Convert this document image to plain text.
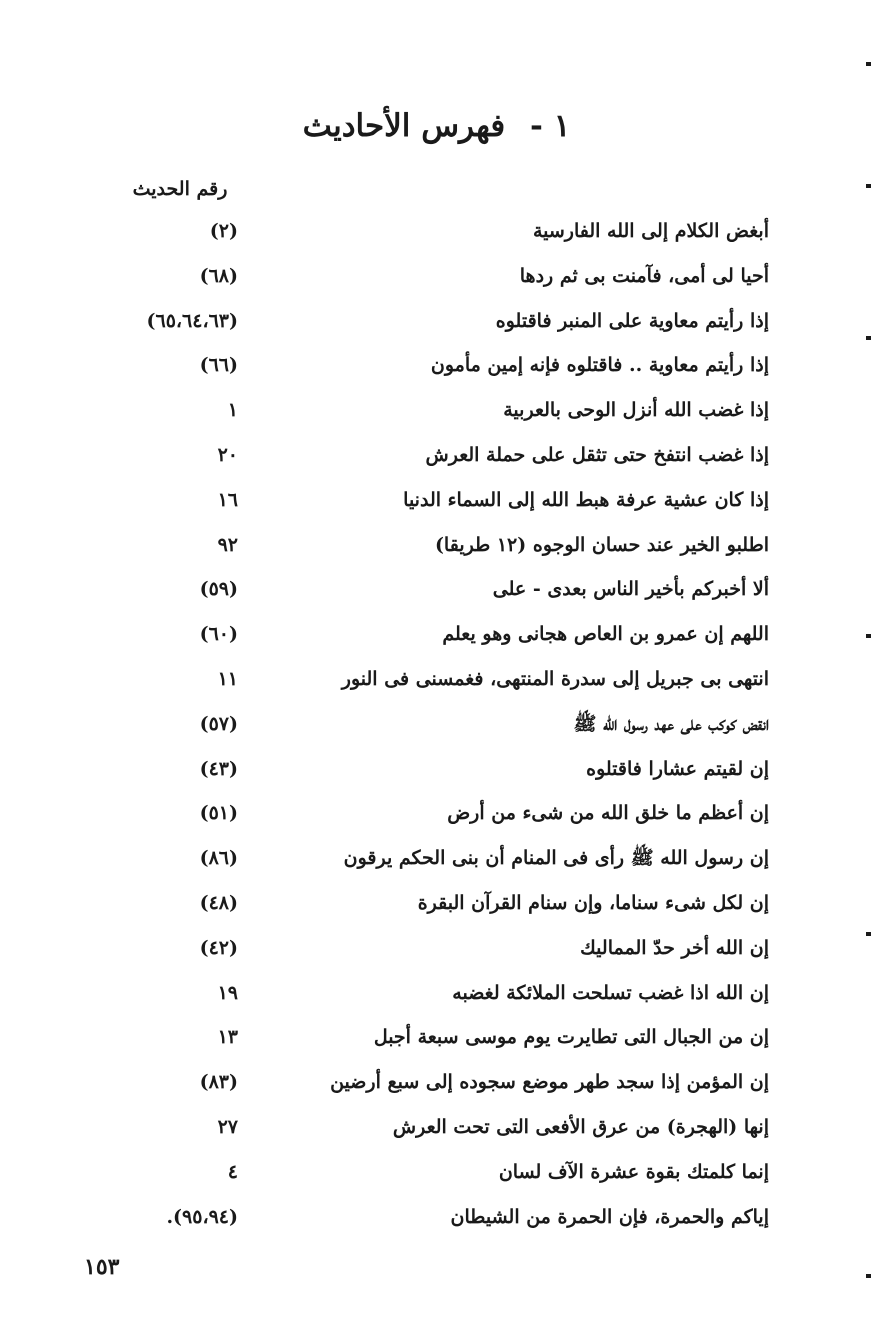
١ - فهرس الأحاديث
رقم الحديث
أبغض الكلام إلى الله الفارسية
(٢)
أحيا لى أمى، فآمنت بى ثم ردها
(٦٨)
إذا رأيتم معاوية على المنبر فاقتلوه
(٦٥،٦٤،٦٣)
إذا رأيتم معاوية .. فاقتلوه فإنه إمين مأمون
(٦٦)
إذا غضب الله أنزل الوحى بالعربية
١
إذا غضب انتفخ حتى تثقل على حملة العرش
٢٠
إذا كان عشية عرفة هبط الله إلى السماء الدنيا
١٦
اطلبو الخير عند حسان الوجوه (١٢ طريقا)
٩٢
ألا أخبركم بأخير الناس بعدى - على
(٥٩)
اللهم إن عمرو بن العاص هجانى وهو يعلم
(٦٠)
انتهى بى جبريل إلى سدرة المنتهى، فغمسنى فى النور
١١
انقض كوكب على عهد رسول الله ﷺ
(٥٧)
إن لقيتم عشارا فاقتلوه
(٤٣)
إن أعظم ما خلق الله من شىء من أرض
(٥١)
إن رسول الله ﷺ رأى فى المنام أن بنى الحكم يرقون
(٨٦)
إن لكل شىء سناما، وإن سنام القرآن البقرة
(٤٨)
إن الله أخر حدّ المماليك
(٤٢)
إن الله اذا غضب تسلحت الملائكة لغضبه
١٩
إن من الجبال التى تطايرت يوم موسى سبعة أجبل
١٣
إن المؤمن إذا سجد طهر موضع سجوده إلى سبع أرضين
(٨٣)
إنها (الهجرة) من عرق الأفعى التى تحت العرش
٢٧
إنما كلمتك بقوة عشرة الآف لسان
٤
إياكم والحمرة، فإن الحمرة من الشيطان
(٩٥،٩٤).
١٥٣
